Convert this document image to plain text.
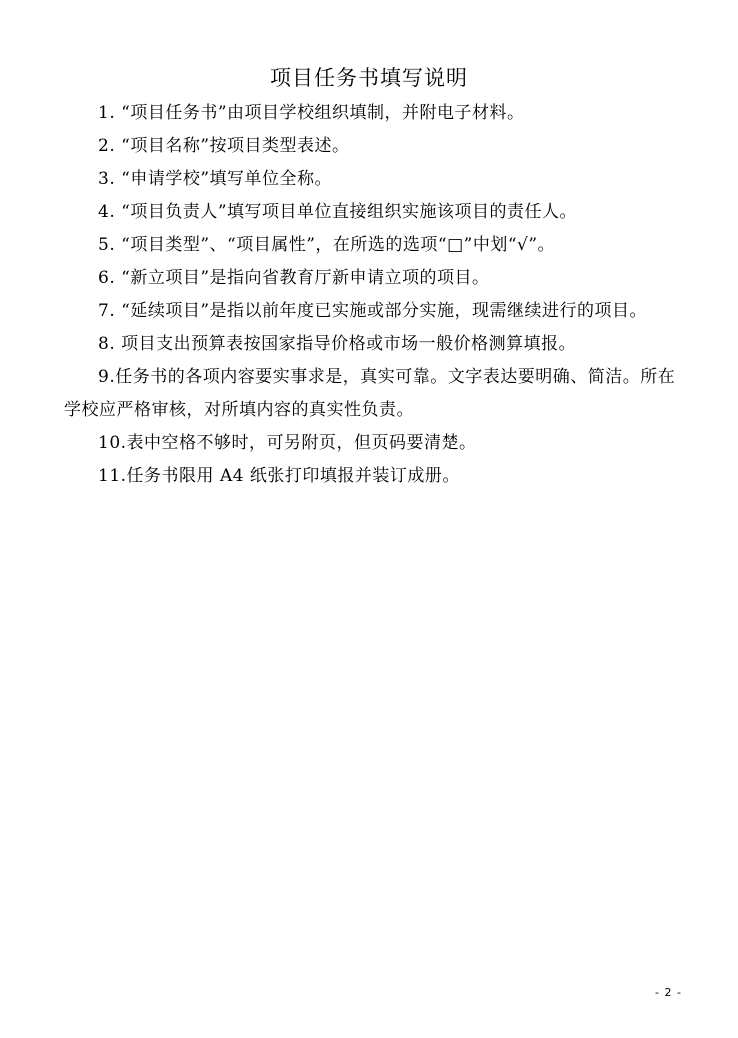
项目任务书填写说明

1. “项目任务书”由项目学校组织填制，并附电子材料。

2. “项目名称”按项目类型表述。

3. “申请学校”填写单位全称。

4. “项目负责人”填写项目单位直接组织实施该项目的责任人。

5. “项目类型”、“项目属性”，在所选的选项“□”中划“√”。

6. “新立项目”是指向省教育厅新申请立项的项目。

7. “延续项目”是指以前年度已实施或部分实施，现需继续进行的项目。

8. 项目支出预算表按国家指导价格或市场一般价格测算填报。

9.任务书的各项内容要实事求是，真实可靠。文字表达要明确、简洁。所在学校应严格审核，对所填内容的真实性负责。

10.表中空格不够时，可另附页，但页码要清楚。

11.任务书限用 A4 纸张打印填报并装订成册。

- 2 -
